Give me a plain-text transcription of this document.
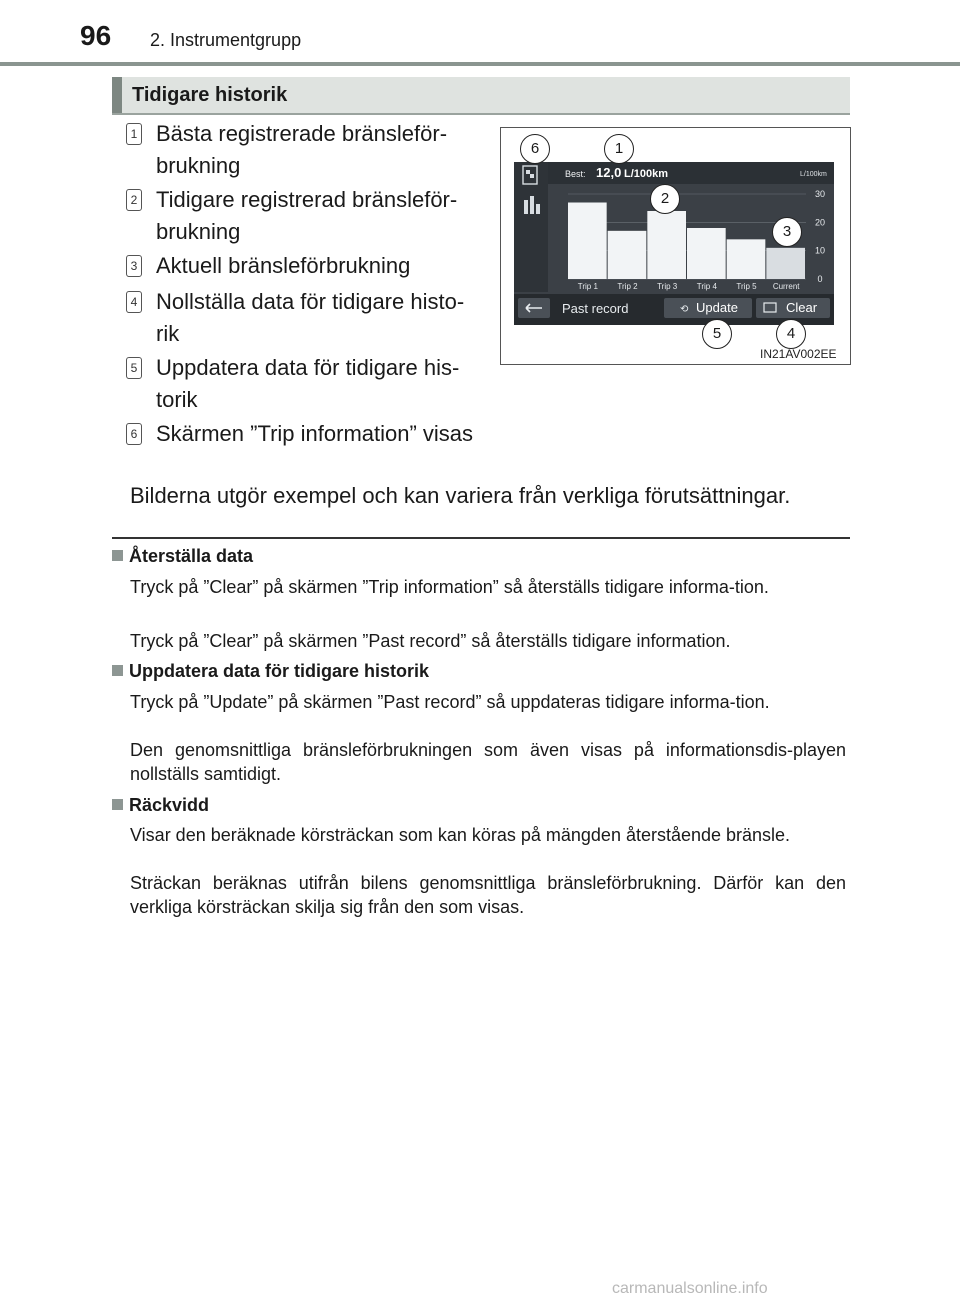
96 2. Instrumentgrupp
Tidigare historik
1 Bästa registrerade bränsleför-brukning
2 Tidigare registrerad bränsleför-brukning
3 Aktuell bränsleförbrukning
4 Nollställa data för tidigare histo-rik
5 Uppdatera data för tidigare his-torik
6 Skärmen ”Trip information” visas
Best: 12,0 L/100km	L/100km
Trip 1 Trip 2 Trip 3 Trip 4 Trip 5 Current
30
20
10
0
Past record	⟲ Update	Clear
6	1
2
3
5	4
IN21AV002EE
Bilderna utgör exempel och kan variera från verkliga förutsättningar.
Återställa data
Tryck på ”Clear” på skärmen ”Trip information” så återställs tidigare informa-tion.
Tryck på ”Clear” på skärmen ”Past record” så återställs tidigare information.
Uppdatera data för tidigare historik
Tryck på ”Update” på skärmen ”Past record” så uppdateras tidigare informa-tion.
Den genomsnittliga bränsleförbrukningen som även visas på informationsdis-playen nollställs samtidigt.
Räckvidd
Visar den beräknade körsträckan som kan köras på mängden återstående bränsle.
Sträckan beräknas utifrån bilens genomsnittliga bränsleförbrukning. Därför kan den verkliga körsträckan skilja sig från den som visas.
carmanualsonline.info
